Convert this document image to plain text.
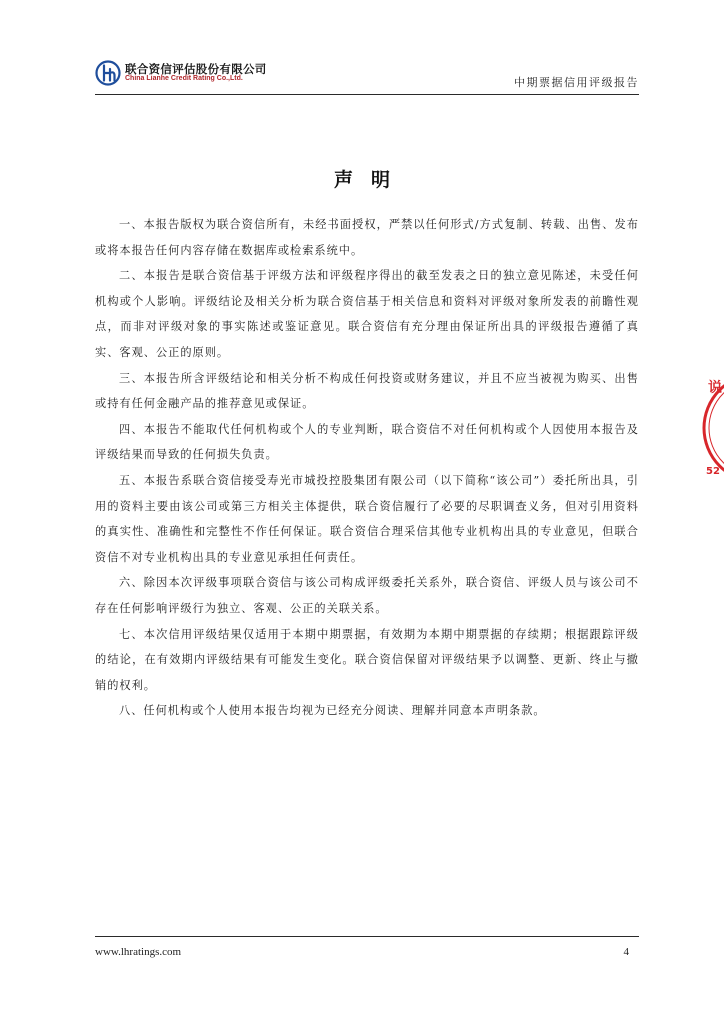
联合资信评估股份有限公司
China Lianhe Credit Rating Co.,Ltd.	中期票据信用评级报告
声明

一、本报告版权为联合资信所有，未经书面授权，严禁以任何形式/方式复制、转载、出售、发布或将本报告任何内容存储在数据库或检索系统中。

二、本报告是联合资信基于评级方法和评级程序得出的截至发表之日的独立意见陈述，未受任何机构或个人影响。评级结论及相关分析为联合资信基于相关信息和资料对评级对象所发表的前瞻性观点，而非对评级对象的事实陈述或鉴证意见。联合资信有充分理由保证所出具的评级报告遵循了真实、客观、公正的原则。

三、本报告所含评级结论和相关分析不构成任何投资或财务建议，并且不应当被视为购买、出售或持有任何金融产品的推荐意见或保证。

四、本报告不能取代任何机构或个人的专业判断，联合资信不对任何机构或个人因使用本报告及评级结果而导致的任何损失负责。

五、本报告系联合资信接受寿光市城投控股集团有限公司（以下简称“该公司”）委托所出具，引用的资料主要由该公司或第三方相关主体提供，联合资信履行了必要的尽职调查义务，但对引用资料的真实性、准确性和完整性不作任何保证。联合资信合理采信其他专业机构出具的专业意见，但联合资信不对专业机构出具的专业意见承担任何责任。

六、除因本次评级事项联合资信与该公司构成评级委托关系外，联合资信、评级人员与该公司不存在任何影响评级行为独立、客观、公正的关联关系。

七、本次信用评级结果仅适用于本期中期票据，有效期为本期中期票据的存续期；根据跟踪评级的结论，在有效期内评级结果有可能发生变化。联合资信保留对评级结果予以调整、更新、终止与撤销的权利。

八、任何机构或个人使用本报告均视为已经充分阅读、理解并同意本声明条款。

说
52
www.lhratings.com	4
